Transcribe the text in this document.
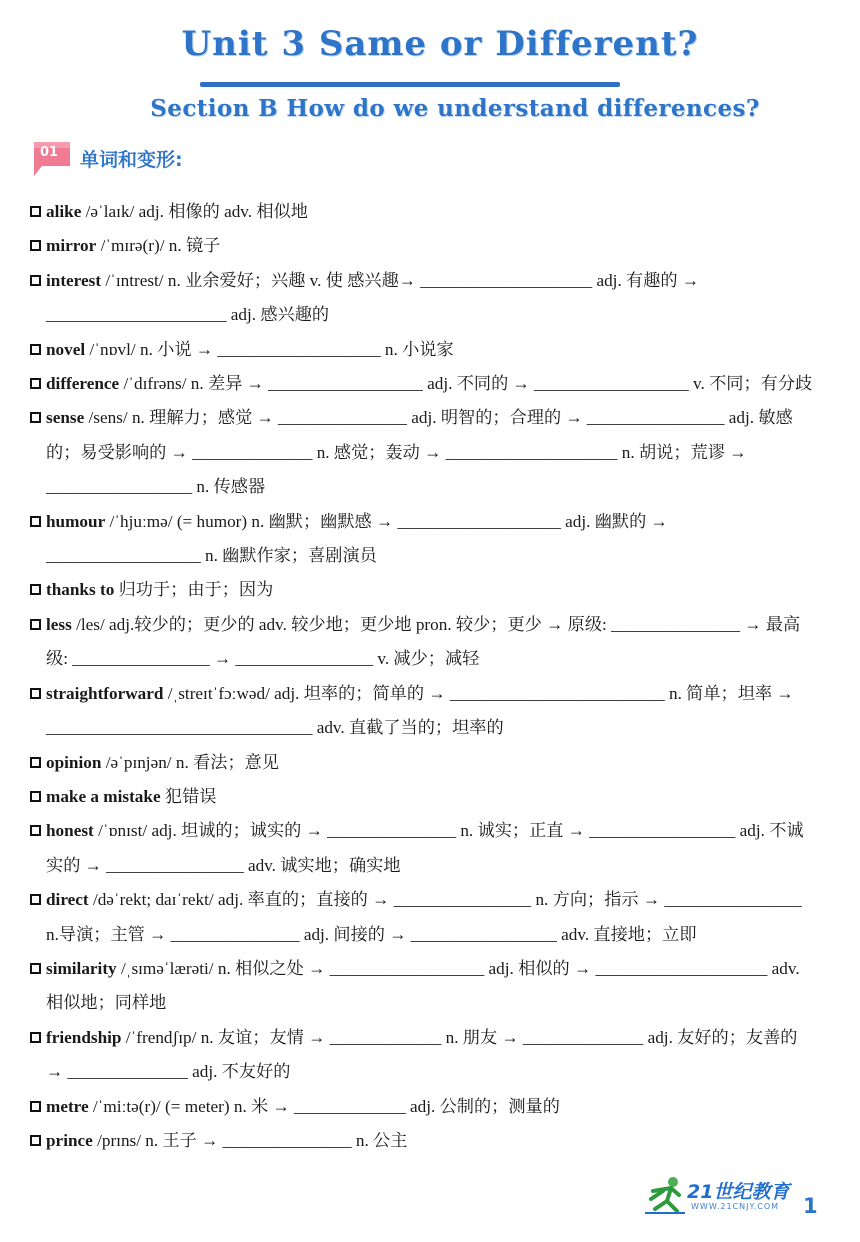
Unit 3 Same or Different?
Section B How do we understand differences?
01 单词和变形:
alike /əˈlaɪk/ adj. 相像的 adv. 相似地
mirror /ˈmɪrə(r)/ n. 镜子
interest /ˈɪntrest/ n. 业余爱好；兴趣 v. 使 感兴趣→ ____________________ adj. 有趣的 → _____________________ adj. 感兴趣的
novel /ˈnɒvl/ n. 小说 → ___________________ n. 小说家
difference /ˈdɪfrəns/ n. 差异 → __________________ adj. 不同的 → __________________ v. 不同；有分歧
sense /sens/ n. 理解力；感觉 → _______________ adj. 明智的；合理的 → ________________ adj. 敏感的；易受影响的 → ______________ n. 感觉；轰动 → ____________________ n. 胡说；荒谬 → _________________ n. 传感器
humour /ˈhjuːmə/ (= humor) n. 幽默；幽默感 → ___________________ adj. 幽默的 → __________________ n. 幽默作家；喜剧演员
thanks to 归功于；由于；因为
less /les/ adj.较少的；更少的 adv. 较少地；更少地 pron. 较少；更少 → 原级: _______________ → 最高级: ________________ → ________________ v. 减少；减轻
straightforward /ˌstreɪtˈfɔːwəd/ adj. 坦率的；简单的 → _________________________ n. 简单；坦率 → _______________________________ adv. 直截了当的；坦率的
opinion /əˈpɪnjən/ n. 看法；意见
make a mistake 犯错误
honest /ˈɒnɪst/ adj. 坦诚的；诚实的 → _______________ n. 诚实；正直 → _________________ adj. 不诚实的 → ________________ adv. 诚实地；确实地
direct /dəˈrekt; daɪˈrekt/ adj. 率直的；直接的 → ________________ n. 方向；指示 → ________________ n.导演；主管 → _______________ adj. 间接的 → _________________ adv. 直接地；立即
similarity /ˌsɪməˈlærəti/ n. 相似之处 → __________________ adj. 相似的 → ____________________ adv. 相似地；同样地
friendship /ˈfrendʃɪp/ n. 友谊；友情 → _____________ n. 朋友 → ______________ adj. 友好的；友善的 → ______________ adj. 不友好的
metre /ˈmiːtə(r)/ (= meter) n. 米 → _____________ adj. 公制的；测量的
prince /prɪns/ n. 王子 → _______________ n. 公主
21世纪教育
WWW.21CNJY.COM 1
